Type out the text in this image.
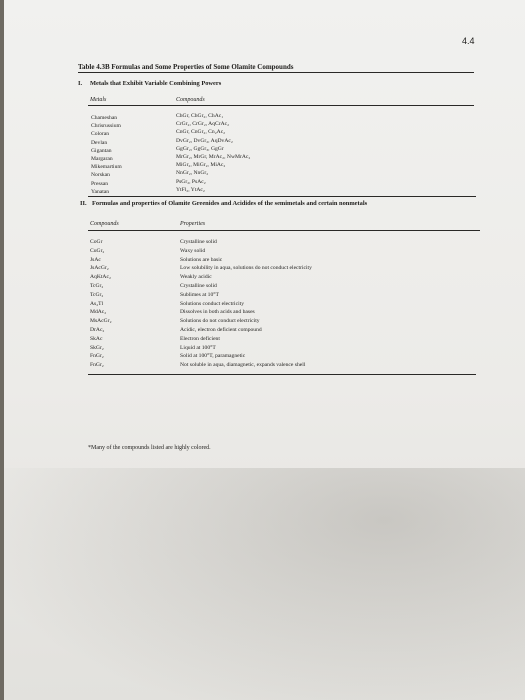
4.4
Table 4.3B Formulas and Some Properties of Some Olamite Compounds
I. Metals that Exhibit Variable Combining Powers
Metals	Compounds
Chameshan
Chrisrussium
Coloran
Devlan
Gigantan
Margaran
Mikemartium
Norskan
Pressan
Yanatan
ChGr, ChGr₂, ChAc₁
CrGr₂, CrGr₂, AqCrAc₂
CnGr, CnGr₂, Cn₂Ac₂
DvGr₂, DvGr₂, AqDvAc₂
GgGr₂, GgGr₃, GgGr
MrGr₂, MrGr, MrAc₂, NwMrAc₂
MiGr₂, MiGr₂, MiAc₂
NnGr₂, NnGr₂
PsGr₂, PsAc₂
YtFl₂, YtAc₂
II. Formulas and properties of Olamite Greenides and Acidides of the semimetals and certain nonmetals
Compounds	Properties
CoGr
CuGr₂
JsAc
JsAcGr₂
AqKtAc₂
TcGr₂
TcGr₂
As₂Tl
MdAc₂
MsAcGr₂
DrAc₂
SkAc
SkGr₂
FnGr₂
FnGr₂
Crystalline solid
Waxy solid
Solutions are basic
Low solubility in aqua, solutions do not conduct electricity
Weakly acidic
Crystalline solid
Sublimes at 10°T
Solutions conduct electricity
Dissolves in both acids and bases
Solutions do not conduct electricity
Acidic, electron deficient compound
Electron deficient
Liquid at 100°T
Solid at 100°T, paramagnetic
Not soluble in aqua, diamagnetic, expands valence shell
*Many of the compounds listed are highly colored.
